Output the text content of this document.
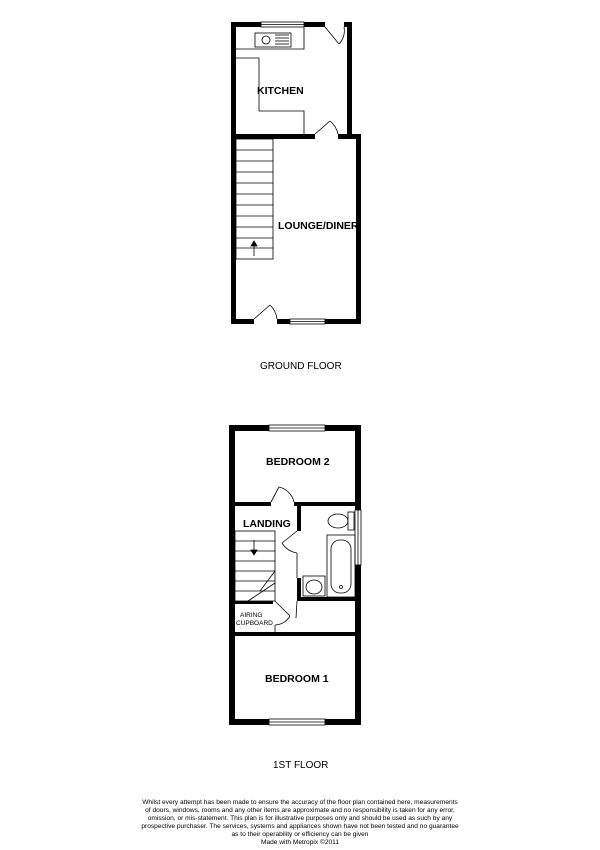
KITCHEN
LOUNGE/DINER
GROUND FLOOR
BEDROOM 2
LANDING
AIRING
CUPBOARD
BEDROOM 1
1ST FLOOR

Whilst every attempt has been made to ensure the accuracy of the floor plan contained here, measurements
of doors, windows, rooms and any other items are approximate and no responsibility is taken for any error,
omission, or mis-statement. This plan is for illustrative purposes only and should be used as such by any
prospective purchaser. The services, systems and appliances shown have not been tested and no guarantee
as to their operability or efficiency can be given
Made with Metropix ©2011
